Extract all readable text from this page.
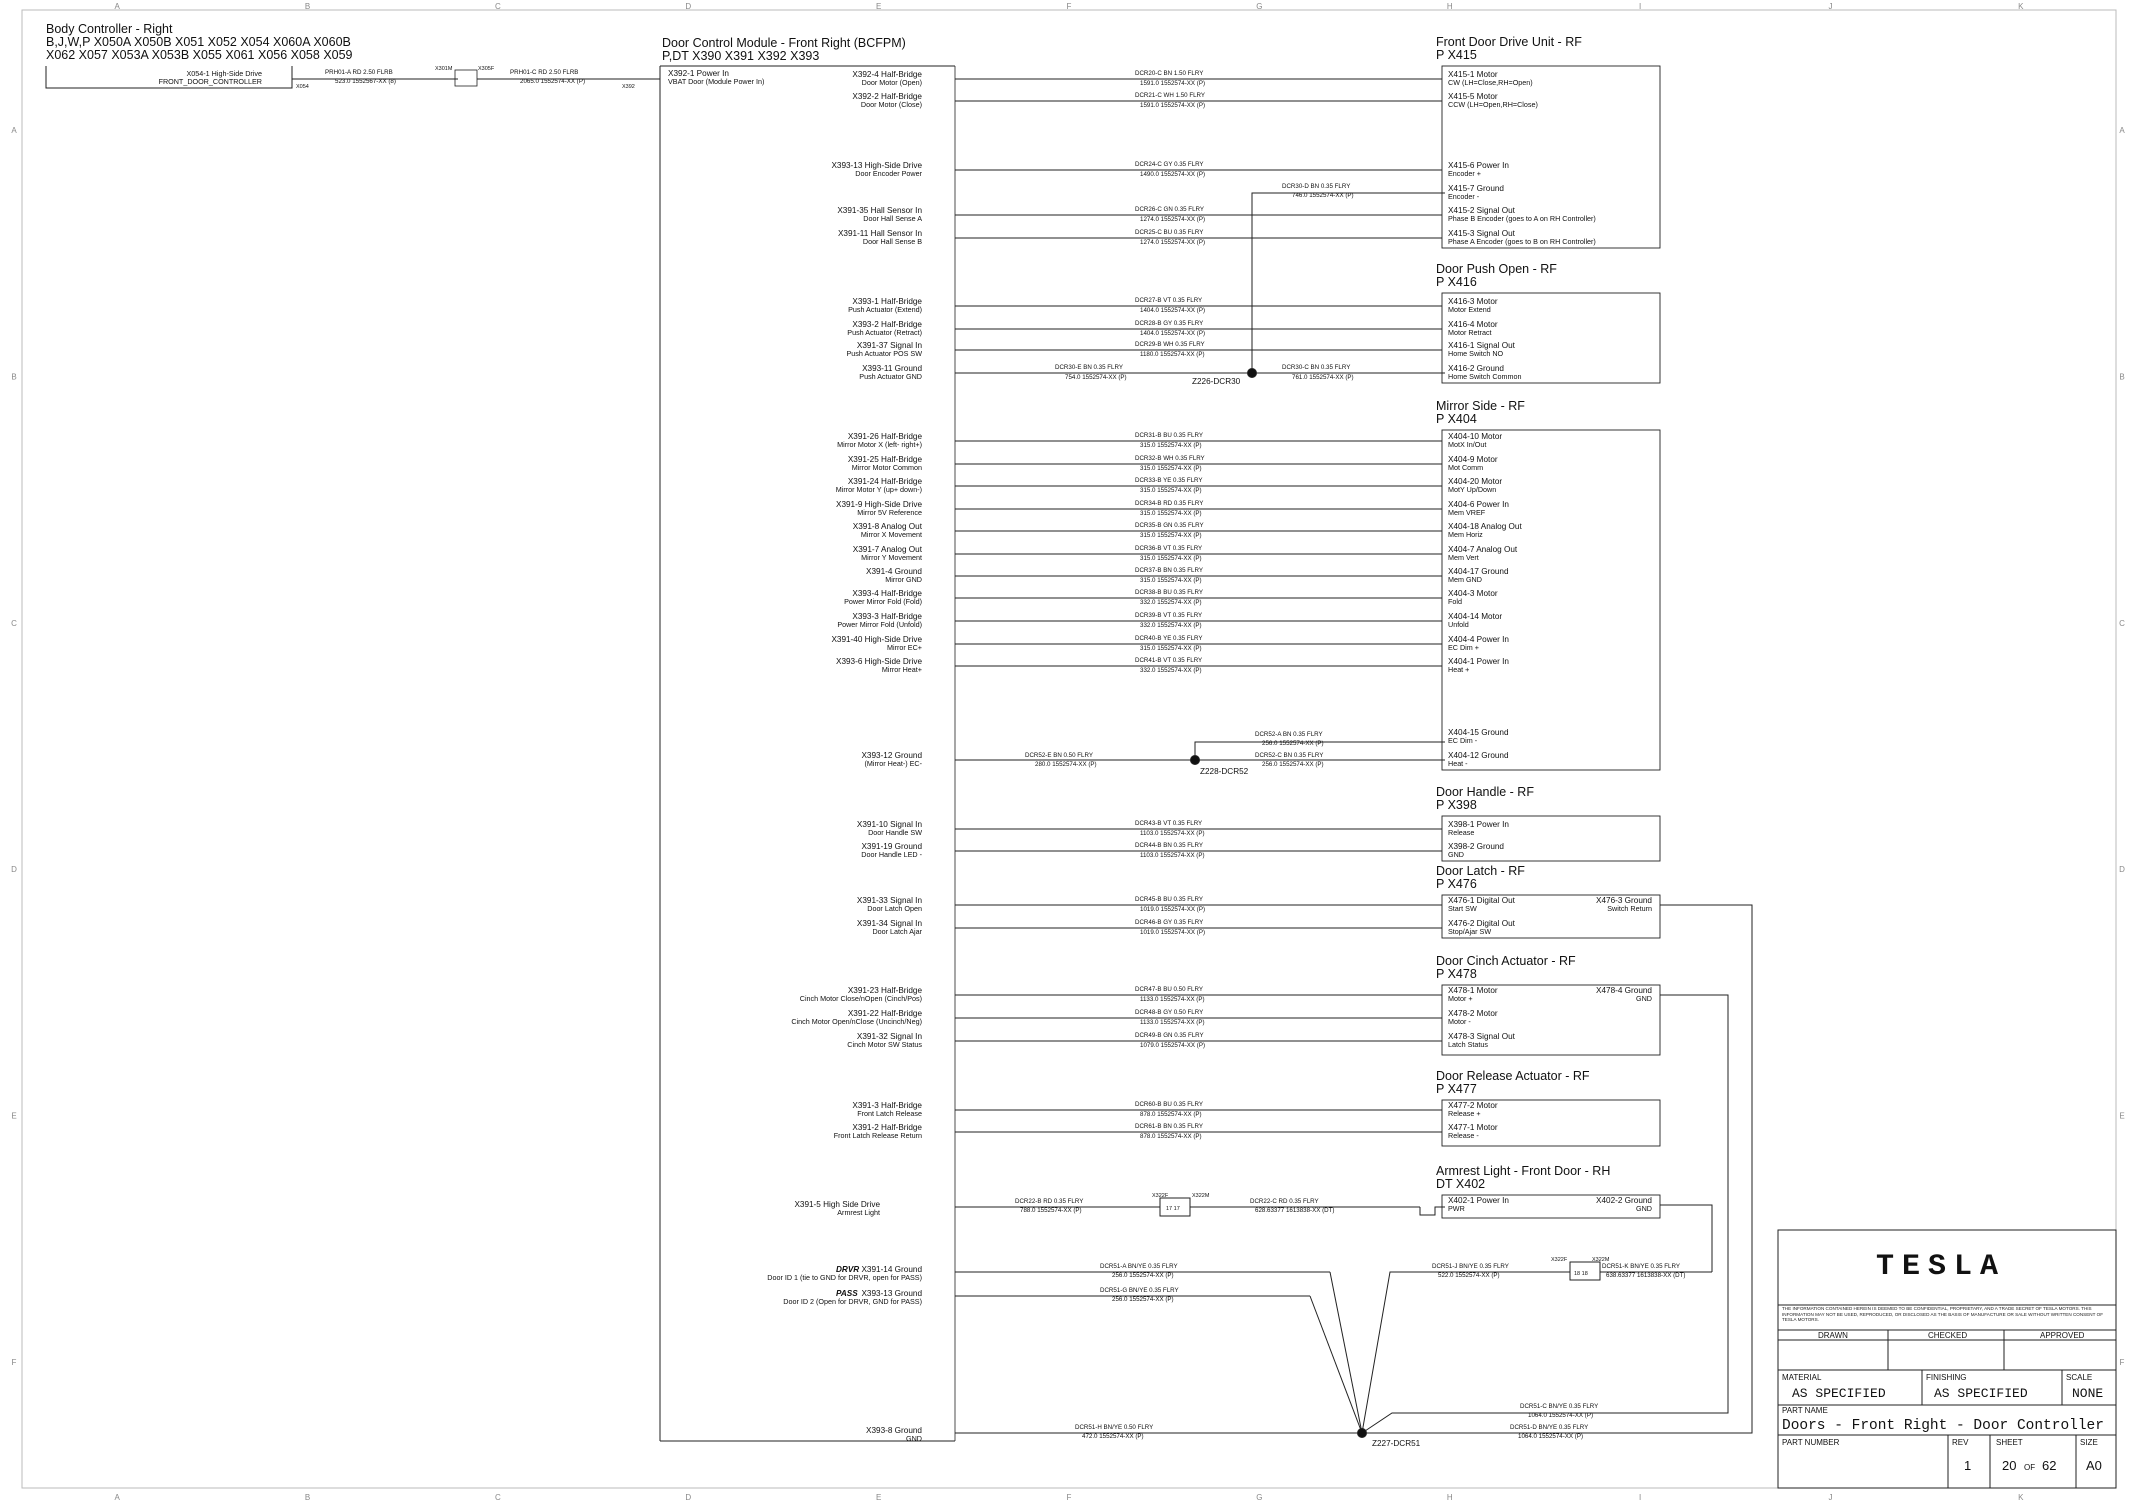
A
A
B
B
C
C
D
D
E
E
F
F
G
G
H
H
I
I
J
J
K
K
A	A
B	B
C	C
D	D
E	E
F	F
Body Controller - Right
B,J,W,P X050A X050B X051 X052 X054 X060A X060B
X062 X057 X053A X053B X055 X061 X056 X058 X059
X054-1 High-Side Drive
FRONT_DOOR_CONTROLLER
X054
PRH01-A RD 2.50 FLRB
523.0 1552567-XX (8)
X301M	X305F	PRH01-C RD 2.50 FLRB
2065.0 1552574-XX (P)
X392
Door Control Module - Front Right (BCFPM)
P,DT X390 X391 X392 X393
X392-1 Power In
VBAT Door (Module Power In)
Front Door Drive Unit - RF
P X415
DCR20-C BN 1.50 FLRY
1591.0 1552574-XX (P)
X392-4 Half-Bridge
Door Motor (Open)
X415-1 Motor
CW (LH=Close,RH=Open)
DCR21-C WH 1.50 FLRY
1591.0 1552574-XX (P)
X392-2 Half-Bridge
Door Motor (Close)
X415-5 Motor
CCW (LH=Open,RH=Close)
DCR24-C GY 0.35 FLRY
1490.0 1552574-XX (P)
X393-13 High-Side Drive
Door Encoder Power
X415-6 Power In
Encoder +
X415-7 Ground
Encoder -
DCR26-C GN 0.35 FLRY
1274.0 1552574-XX (P)
X391-35 Hall Sensor In
Door Hall Sense A
X415-2 Signal Out
Phase B Encoder (goes to A on RH Controller)
DCR25-C BU 0.35 FLRY
1274.0 1552574-XX (P)
X391-11 Hall Sensor In
Door Hall Sense B
X415-3 Signal Out
Phase A Encoder (goes to B on RH Controller)
Door Push Open - RF
P X416
DCR27-B VT 0.35 FLRY
1404.0 1552574-XX (P)
X393-1 Half-Bridge
Push Actuator (Extend)
X416-3 Motor
Motor Extend
DCR28-B GY 0.35 FLRY
1404.0 1552574-XX (P)
X393-2 Half-Bridge
Push Actuator (Retract)
X416-4 Motor
Motor Retract
DCR29-B WH 0.35 FLRY
1180.0 1552574-XX (P)
X391-37 Signal In
Push Actuator POS SW
X416-1 Signal Out
Home Switch NO
X393-11 Ground
Push Actuator GND
X416-2 Ground
Home Switch Common
Mirror Side - RF
P X404
DCR31-B BU 0.35 FLRY
315.0 1552574-XX (P)
X391-26 Half-Bridge
Mirror Motor X (left- right+)
X404-10 Motor
MotX In/Out
DCR32-B WH 0.35 FLRY
315.0 1552574-XX (P)
X391-25 Half-Bridge
Mirror Motor Common
X404-9 Motor
Mot Comm
DCR33-B YE 0.35 FLRY
315.0 1552574-XX (P)
X391-24 Half-Bridge
Mirror Motor Y (up+ down-)
X404-20 Motor
MotY Up/Down
DCR34-B RD 0.35 FLRY
315.0 1552574-XX (P)
X391-9 High-Side Drive
Mirror 5V Reference
X404-6 Power In
Mem VREF
DCR35-B GN 0.35 FLRY
315.0 1552574-XX (P)
X391-8 Analog Out
Mirror X Movement
X404-18 Analog Out
Mem Horiz
DCR36-B VT 0.35 FLRY
315.0 1552574-XX (P)
X391-7 Analog Out
Mirror Y Movement
X404-7 Analog Out
Mem Vert
DCR37-B BN 0.35 FLRY
315.0 1552574-XX (P)
X391-4 Ground
Mirror GND
X404-17 Ground
Mem GND
DCR38-B BU 0.35 FLRY
332.0 1552574-XX (P)
X393-4 Half-Bridge
Power Mirror Fold (Fold)
X404-3 Motor
Fold
DCR39-B VT 0.35 FLRY
332.0 1552574-XX (P)
X393-3 Half-Bridge
Power Mirror Fold (Unfold)
X404-14 Motor
Unfold
DCR40-B YE 0.35 FLRY
315.0 1552574-XX (P)
X391-40 High-Side Drive
Mirror EC+
X404-4 Power In
EC Dim +
DCR41-B VT 0.35 FLRY
332.0 1552574-XX (P)
X393-6 High-Side Drive
Mirror Heat+
X404-1 Power In
Heat +
X404-15 Ground
EC Dim -
X393-12 Ground
(Mirror Heat-) EC-
X404-12 Ground
Heat -
Door Handle - RF
P X398
DCR43-B VT 0.35 FLRY
1103.0 1552574-XX (P)
X391-10 Signal In
Door Handle SW
X398-1 Power In
Release
DCR44-B BN 0.35 FLRY
1103.0 1552574-XX (P)
X391-19 Ground
Door Handle LED -
X398-2 Ground
GND
Door Latch - RF
P X476
DCR45-B BU 0.35 FLRY
1019.0 1552574-XX (P)
X391-33 Signal In
Door Latch Open
X476-1 Digital Out
Start SW
DCR46-B GY 0.35 FLRY
1019.0 1552574-XX (P)
X391-34 Signal In
Door Latch Ajar
X476-2 Digital Out
Stop/Ajar SW
X476-3 Ground
Switch Return
Door Cinch Actuator - RF
P X478
DCR47-B BU 0.50 FLRY
1133.0 1552574-XX (P)
X391-23 Half-Bridge
Cinch Motor Close/nOpen (Cinch/Pos)
X478-1 Motor
Motor +
DCR48-B GY 0.50 FLRY
1133.0 1552574-XX (P)
X391-22 Half-Bridge
Cinch Motor Open/nClose (Uncinch/Neg)
X478-2 Motor
Motor -
DCR49-B GN 0.35 FLRY
1079.0 1552574-XX (P)
X391-32 Signal In
Cinch Motor SW Status
X478-3 Signal Out
Latch Status
X478-4 Ground
GND
Door Release Actuator - RF
P X477
DCR60-B BU 0.35 FLRY
878.0 1552574-XX (P)
X391-3 Half-Bridge
Front Latch Release
X477-2 Motor
Release +
DCR61-B BN 0.35 FLRY
878.0 1552574-XX (P)
X391-2 Half-Bridge
Front Latch Release Return
X477-1 Motor
Release -
Armrest Light - Front Door - RH
DT X402
X402-1 Power In
PWR
X402-2 Ground
GND
DCR30-D BN 0.35 FLRY
746.0 1552574-XX (P)
DCR30-E BN 0.35 FLRY
754.0 1552574-XX (P)
DCR30-C BN 0.35 FLRY
761.0 1552574-XX (P)
Z226-DCR30
DCR52-A BN 0.35 FLRY
256.0 1552574-XX (P)
DCR52-E BN 0.50 FLRY
280.0 1552574-XX (P)
DCR52-C BN 0.35 FLRY
256.0 1552574-XX (P)
Z228-DCR52
DCR22-B RD 0.35 FLRY
788.0 1552574-XX (P)
X322F	X322M
17 17
DCR22-C RD 0.35 FLRY
628.63377 1613838-XX (DT)
Z227-DCR51
DCR51-A BN/YE 0.35 FLRY
256.0 1552574-XX (P)
DCR51-G BN/YE 0.35 FLRY
256.0 1552574-XX (P)
DCR51-H BN/YE 0.50 FLRY
472.0 1552574-XX (P)
DCR51-J BN/YE 0.35 FLRY
522.0 1552574-XX (P)
X322F	X322M
18 18
DCR51-K BN/YE 0.35 FLRY
638.63377 1613838-XX (DT)
DCR51-C BN/YE 0.35 FLRY
1064.0 1552574-XX (P)
DCR51-D BN/YE 0.35 FLRY
1064.0 1552574-XX (P)
X391-5 High Side Drive
Armrest Light
DRVR X391-14 Ground
Door ID 1 (tie to GND for DRVR, open for PASS)
PASS X393-13 Ground
Door ID 2 (Open for DRVR, GND for PASS)
X393-8 Ground
GND
TESLA
THE INFORMATION CONTAINED HEREIN IS DEEMED TO BE CONFIDENTIAL, PROPRIETARY, AND A TRADE SECRET OF TESLA MOTORS. THIS INFORMATION MAY NOT BE USED, REPRODUCED, OR DISCLOSED AS THE BASIS OF MANUFACTURE OR SALE WITHOUT WRITTEN CONSENT OF TESLA MOTORS.
DRAWN	CHECKED	APPROVED
MATERIAL
AS SPECIFIED
FINISHING
AS SPECIFIED
SCALE
NONE
PART NAME
Doors - Front Right - Door Controller
PART NUMBER	REV
1
SHEET
20 OF 62
SIZE
A0
